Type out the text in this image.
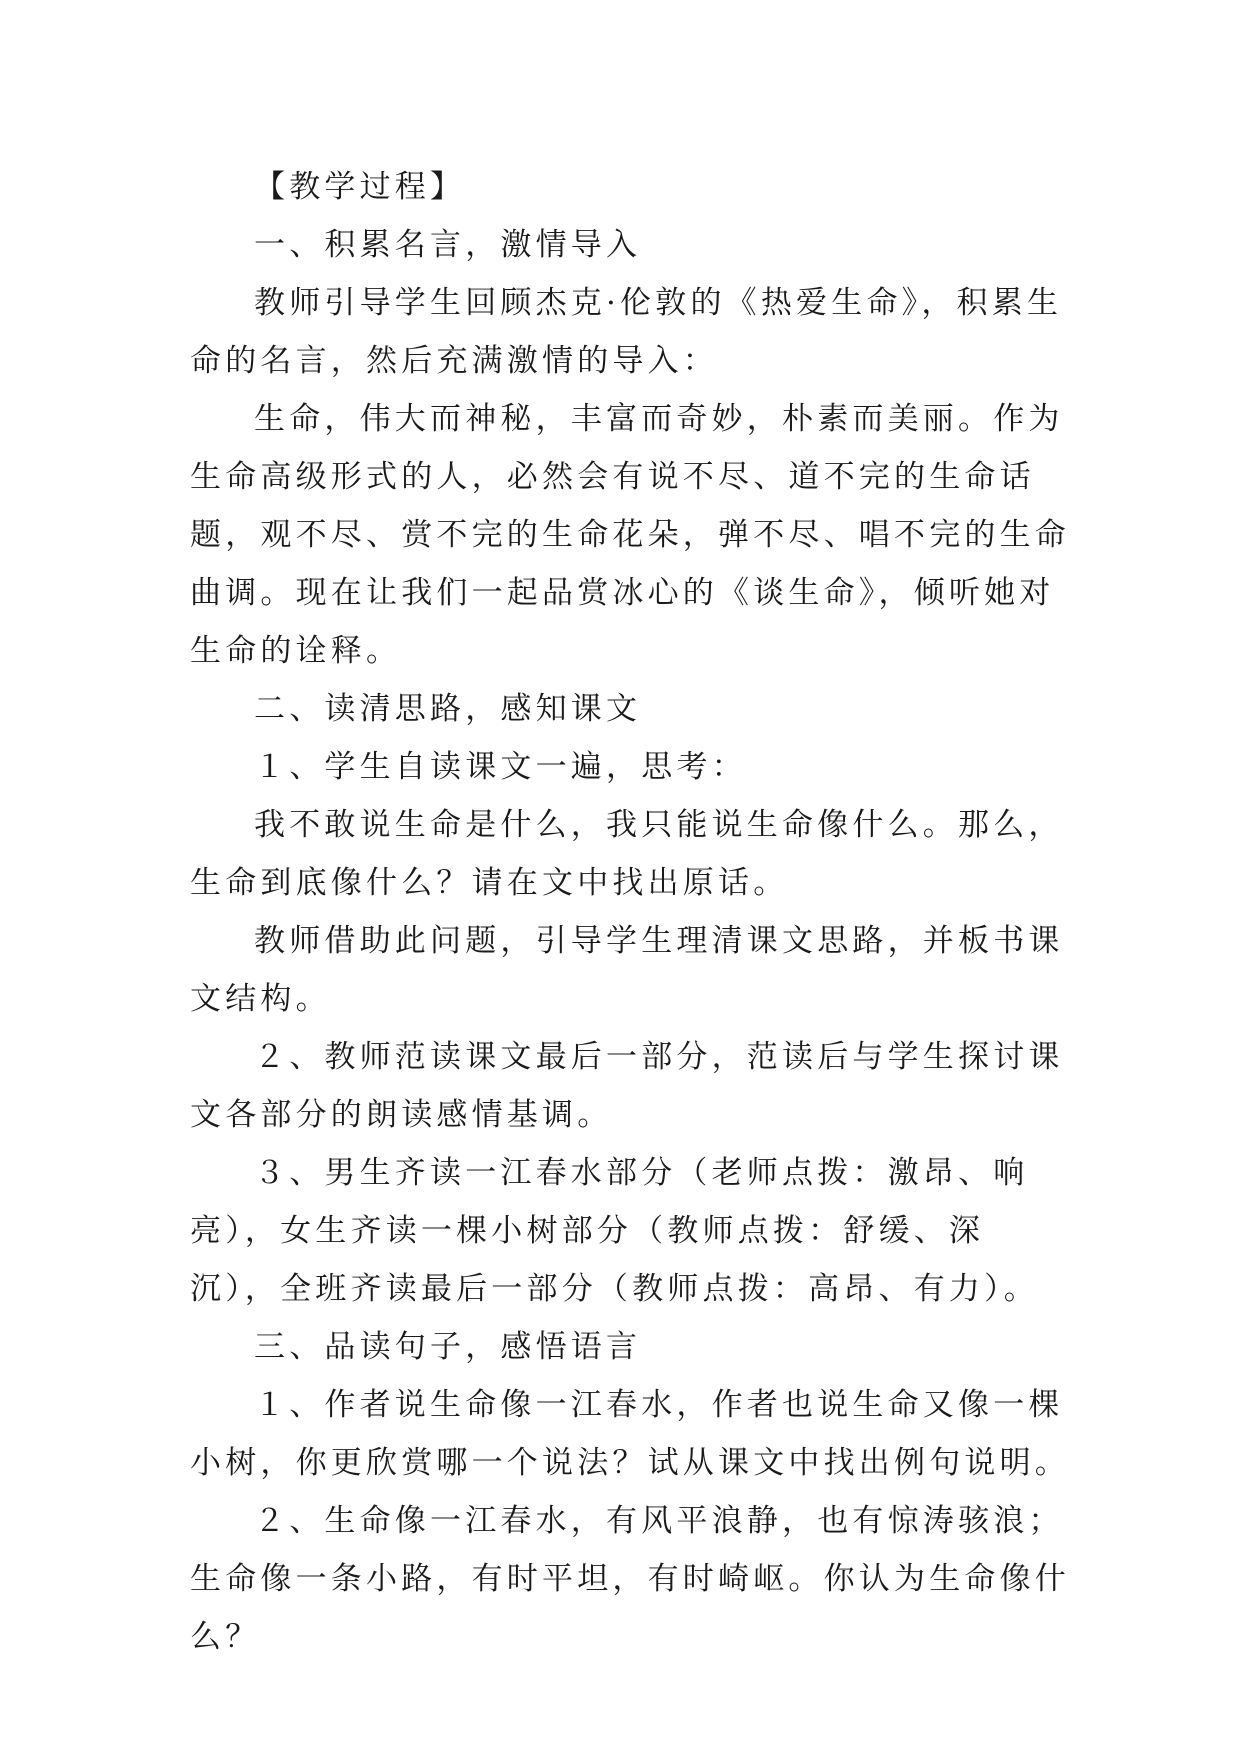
【教学过程】

一、积累名言，激情导入

教师引导学生回顾杰克·伦敦的《热爱生命》，积累生命的名言，然后充满激情的导入：

生命，伟大而神秘，丰富而奇妙，朴素而美丽。作为生命高级形式的人，必然会有说不尽、道不完的生命话题，观不尽、赏不完的生命花朵，弹不尽、唱不完的生命曲调。现在让我们一起品赏冰心的《谈生命》，倾听她对生命的诠释。

二、读清思路，感知课文

１、学生自读课文一遍，思考：

我不敢说生命是什么，我只能说生命像什么。那么，生命到底像什么？请在文中找出原话。

教师借助此问题，引导学生理清课文思路，并板书课文结构。

２、教师范读课文最后一部分，范读后与学生探讨课文各部分的朗读感情基调。

３、男生齐读一江春水部分（老师点拨：激昂、响亮），女生齐读一棵小树部分（教师点拨：舒缓、深沉），全班齐读最后一部分（教师点拨：高昂、有力）。

三、品读句子，感悟语言

１、作者说生命像一江春水，作者也说生命又像一棵小树，你更欣赏哪一个说法？试从课文中找出例句说明。

２、生命像一江春水，有风平浪静，也有惊涛骇浪；生命像一条小路，有时平坦，有时崎岖。你认为生命像什么？
